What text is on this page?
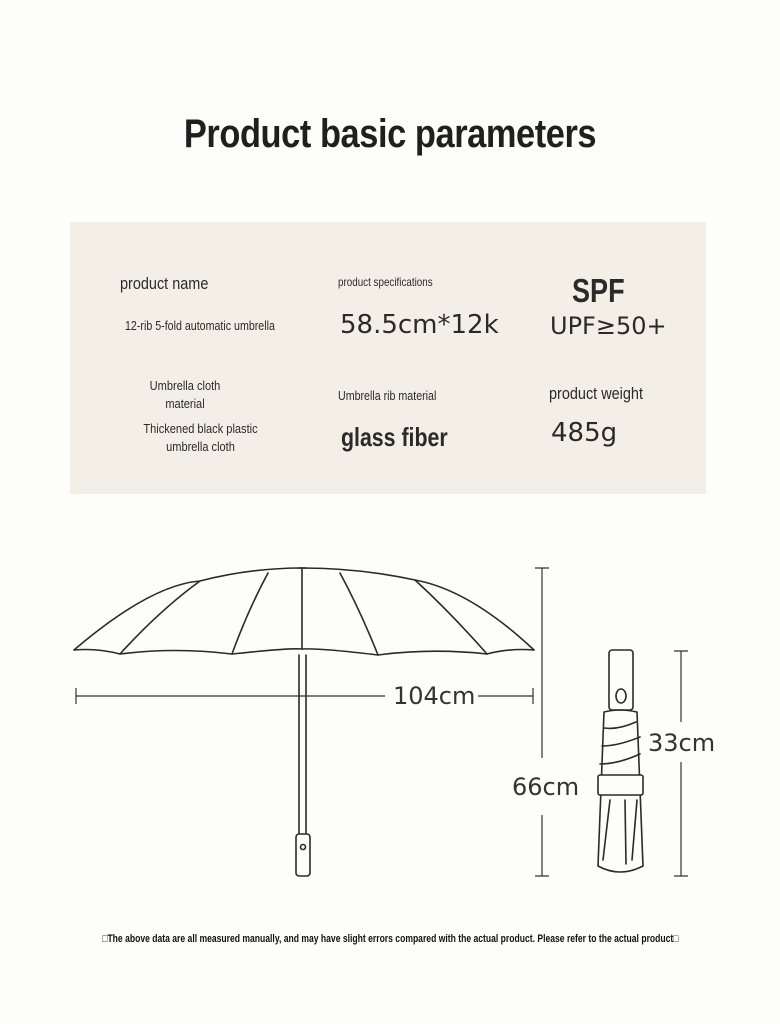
Product basic parameters
product name
12-rib 5-fold automatic umbrella
product specifications
58.5cm*12k
SPF
UPF≥50+
Umbrella cloth material
Thickened black plastic umbrella cloth
Umbrella rib material
glass fiber
product weight
485g
104cm
66cm
33cm
□The above data are all measured manually, and may have slight errors compared with the actual product. Please refer to the actual product□
